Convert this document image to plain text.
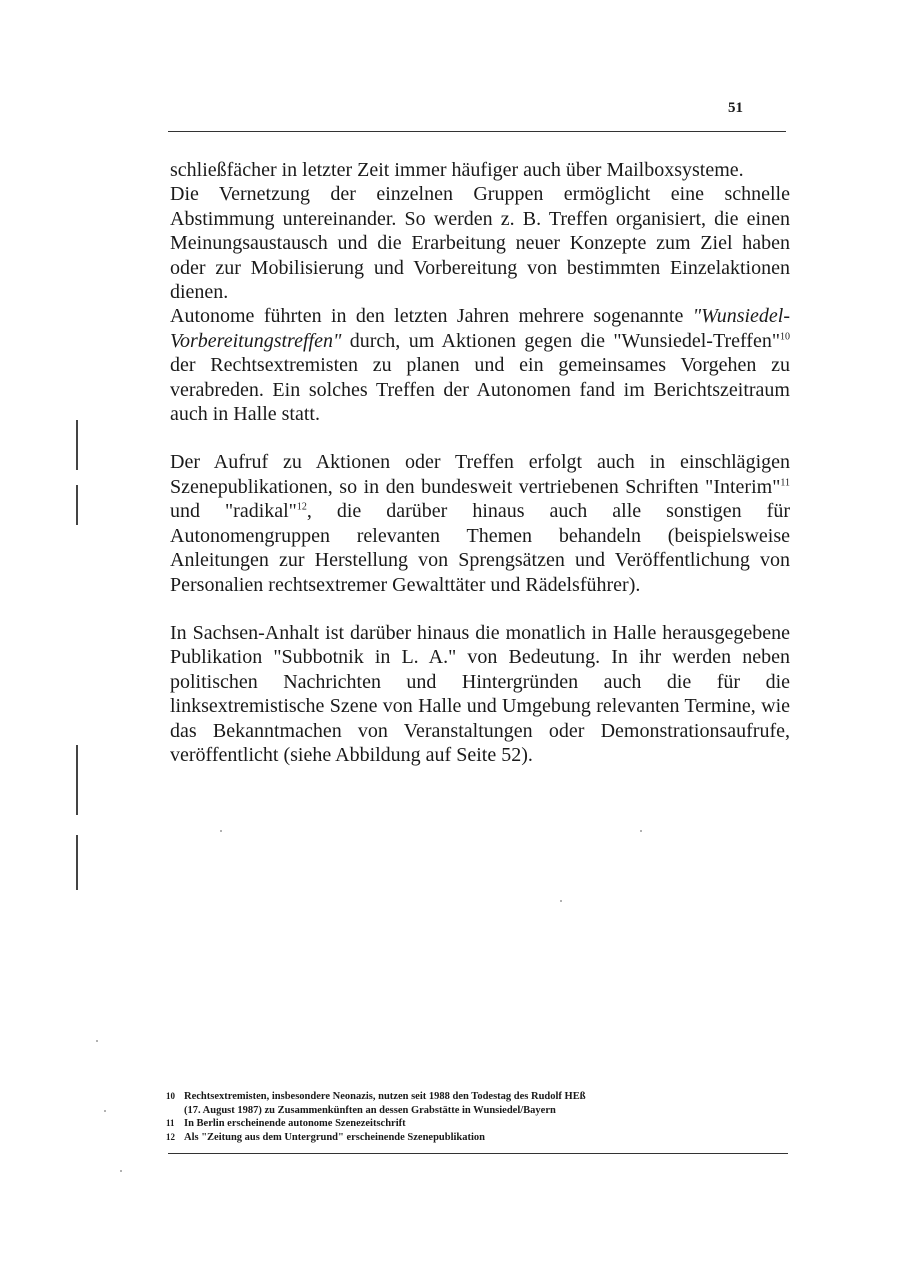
51

schließfächer in letzter Zeit immer häufiger auch über Mailboxsysteme.

Die Vernetzung der einzelnen Gruppen ermöglicht eine schnelle Abstimmung untereinander. So werden z. B. Treffen organisiert, die einen Meinungsaustausch und die Erarbeitung neuer Konzepte zum Ziel haben oder zur Mobilisierung und Vorbereitung von bestimmten Einzelaktionen dienen.

Autonome führten in den letzten Jahren mehrere sogenannte "Wunsiedel-Vorbereitungstreffen" durch, um Aktionen gegen die "Wunsiedel-Treffen"$^{10}$ der Rechtsextremisten zu planen und ein gemeinsames Vorgehen zu verabreden. Ein solches Treffen der Autonomen fand im Berichtszeitraum auch in Halle statt.

Der Aufruf zu Aktionen oder Treffen erfolgt auch in einschlägigen Szenepublikationen, so in den bundesweit vertriebenen Schriften "Interim"$^{11}$ und "radikal"$^{12}$, die darüber hinaus auch alle sonstigen für Autonomengruppen relevanten Themen behandeln (beispielsweise Anleitungen zur Herstellung von Sprengsätzen und Veröffentlichung von Personalien rechtsextremer Gewalttäter und Rädelsführer).

In Sachsen-Anhalt ist darüber hinaus die monatlich in Halle herausgegebene Publikation "Subbotnik in L. A." von Bedeutung. In ihr werden neben politischen Nachrichten und Hintergründen auch die für die linksextremistische Szene von Halle und Umgebung relevanten Termine, wie das Bekanntmachen von Veranstaltungen oder Demonstrationsaufrufe, veröffentlicht (siehe Abbildung auf Seite 52).

10 Rechtsextremisten, insbesondere Neonazis, nutzen seit 1988 den Todestag des Rudolf HEß
(17. August 1987) zu Zusammenkünften an dessen Grabstätte in Wunsiedel/Bayern
11 In Berlin erscheinende autonome Szenezeitschrift
12 Als "Zeitung aus dem Untergrund" erscheinende Szenepublikation
